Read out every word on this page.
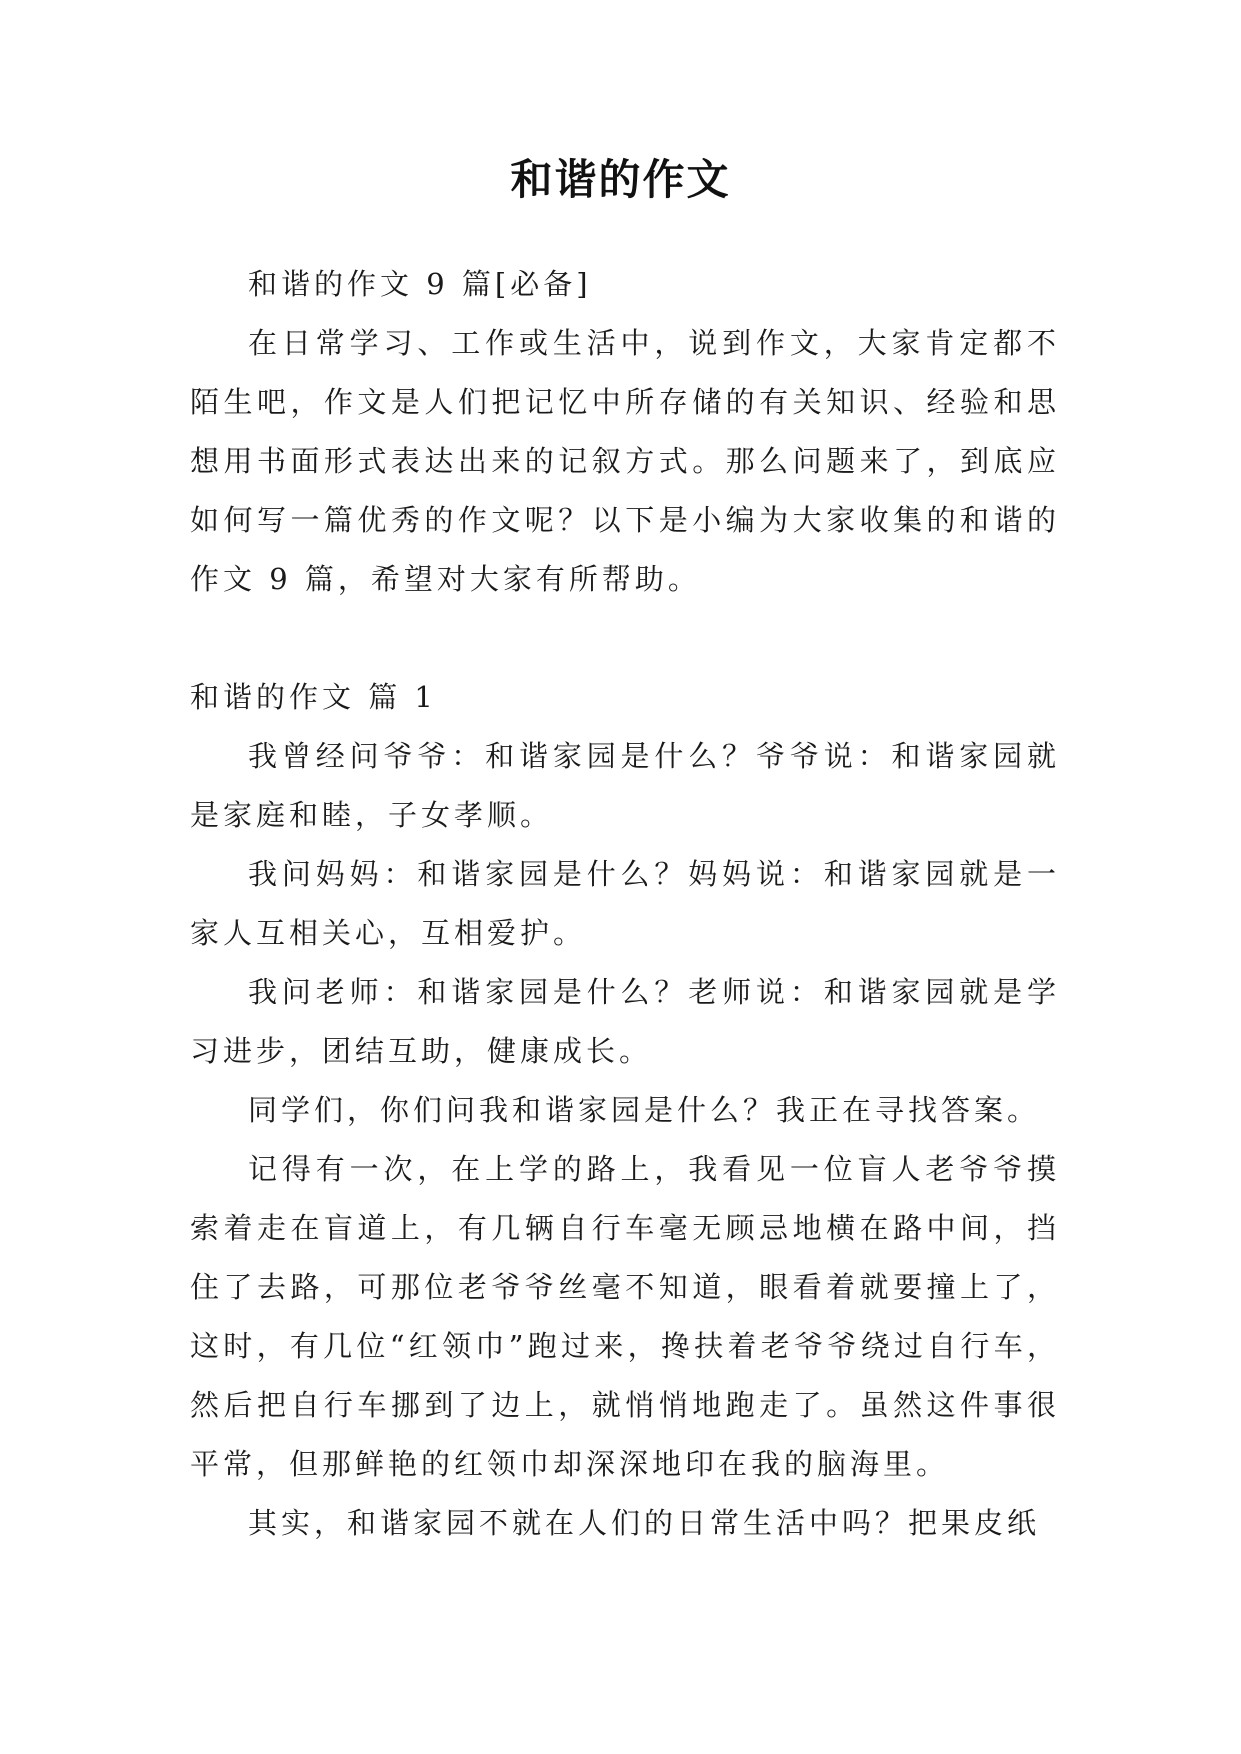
和谐的作文

和谐的作文 9 篇[必备]

在日常学习、工作或生活中，说到作文，大家肯定都不陌生吧，作文是人们把记忆中所存储的有关知识、经验和思想用书面形式表达出来的记叙方式。那么问题来了，到底应如何写一篇优秀的作文呢？以下是小编为大家收集的和谐的作文 9 篇，希望对大家有所帮助。

和谐的作文 篇 1

我曾经问爷爷：和谐家园是什么？爷爷说：和谐家园就是家庭和睦，子女孝顺。

我问妈妈：和谐家园是什么？妈妈说：和谐家园就是一家人互相关心，互相爱护。

我问老师：和谐家园是什么？老师说：和谐家园就是学习进步，团结互助，健康成长。

同学们，你们问我和谐家园是什么？我正在寻找答案。

记得有一次，在上学的路上，我看见一位盲人老爷爷摸索着走在盲道上，有几辆自行车毫无顾忌地横在路中间，挡住了去路，可那位老爷爷丝毫不知道，眼看着就要撞上了，这时，有几位“红领巾”跑过来，搀扶着老爷爷绕过自行车，然后把自行车挪到了边上，就悄悄地跑走了。虽然这件事很平常，但那鲜艳的红领巾却深深地印在我的脑海里。

其实，和谐家园不就在人们的日常生活中吗？把果皮纸
